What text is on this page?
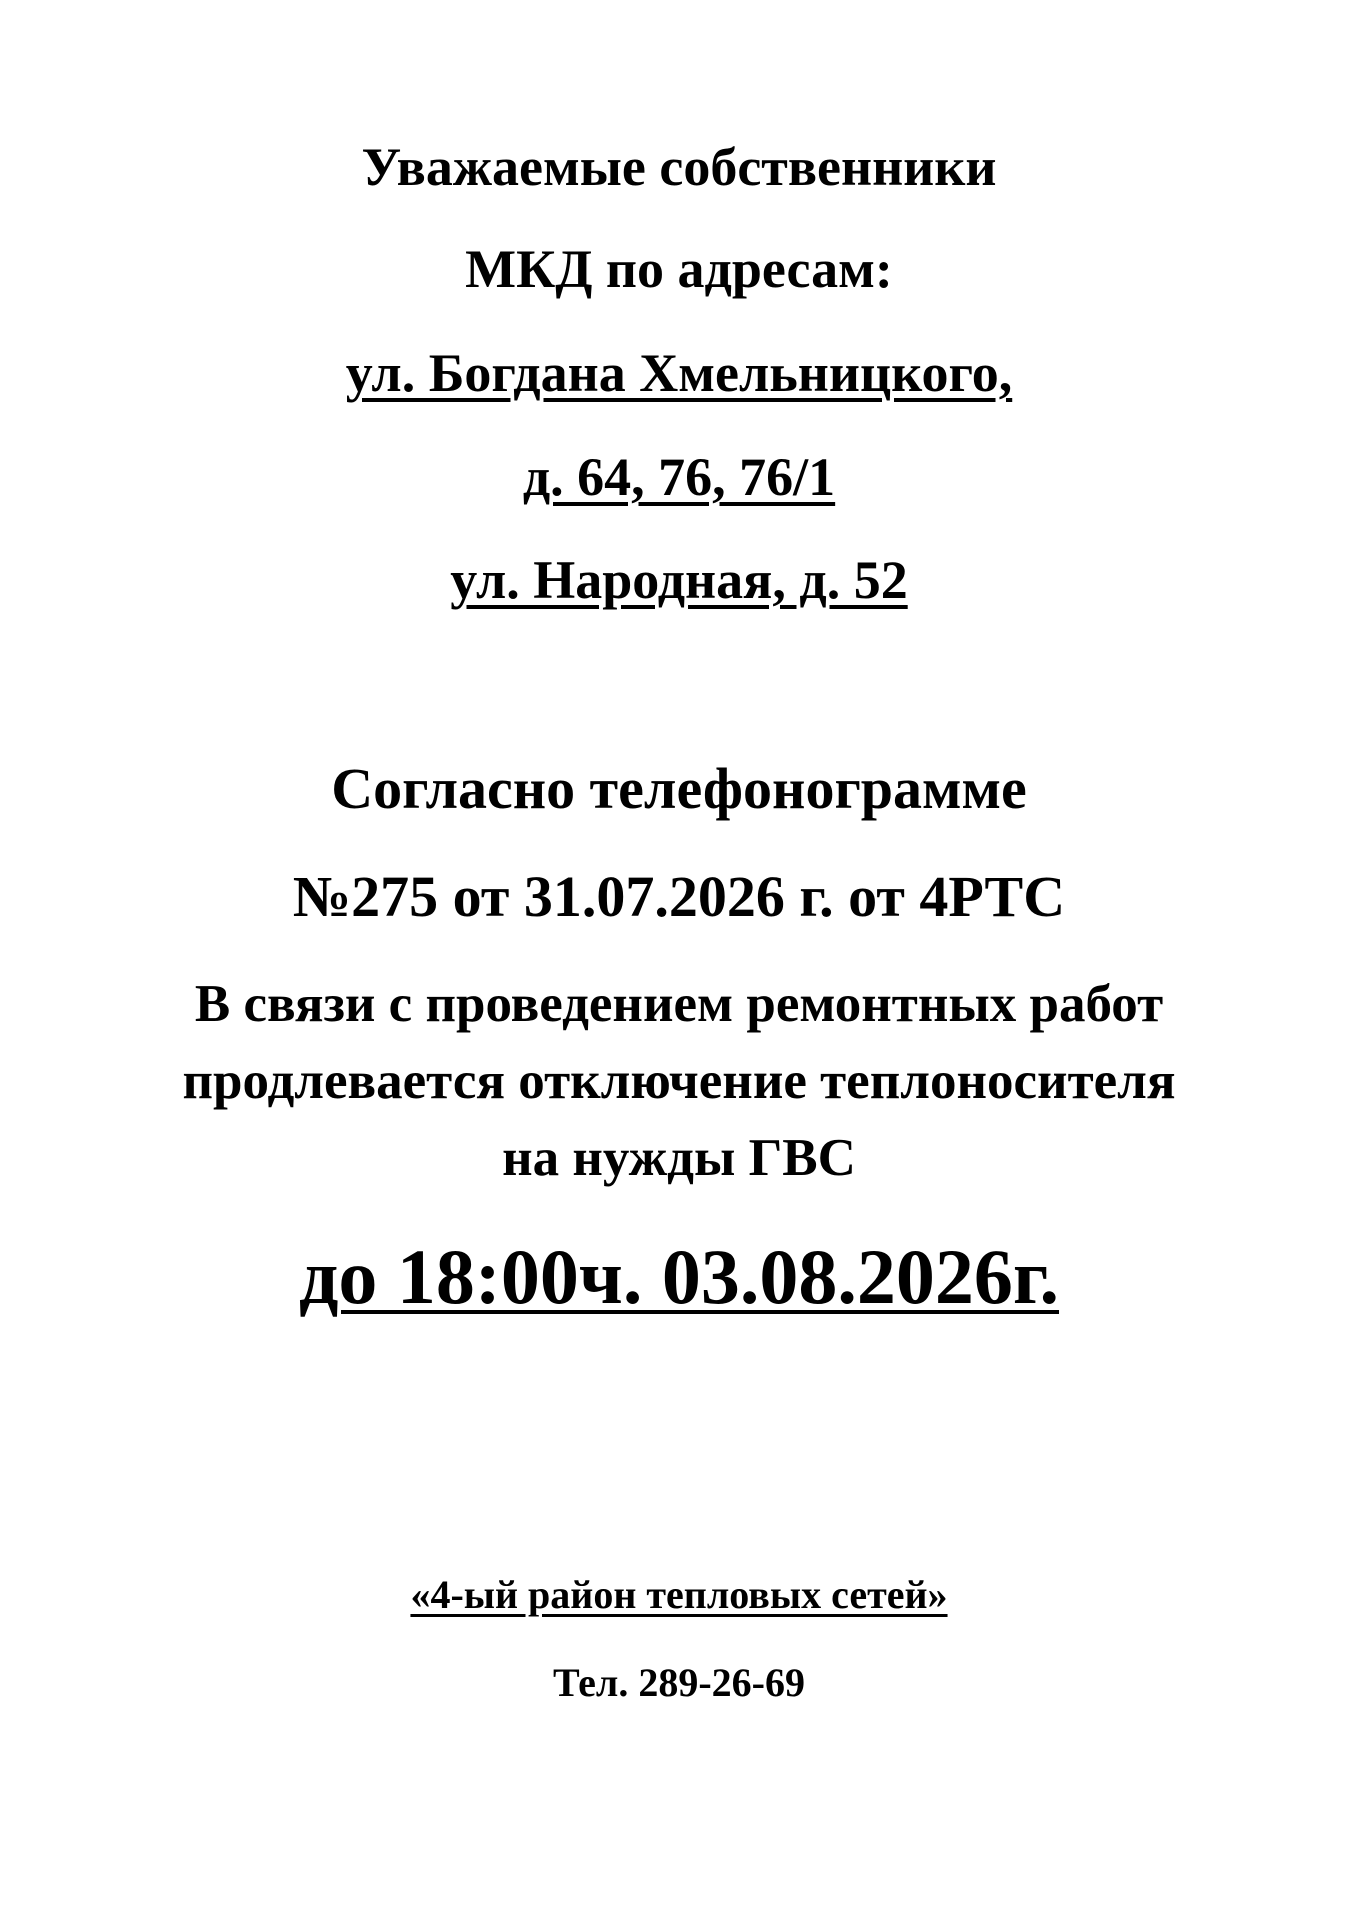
Уважаемые собственники
МКД по адресам:
ул. Богдана Хмельницкого,
д. 64, 76, 76/1
ул. Народная, д. 52
Согласно телефонограмме
№275 от 31.07.2026 г. от 4РТС
В связи с проведением ремонтных работ
продлевается отключение теплоносителя
на нужды ГВС
до 18:00ч. 03.08.2026г.
«4-ый район тепловых сетей»
Тел. 289-26-69
